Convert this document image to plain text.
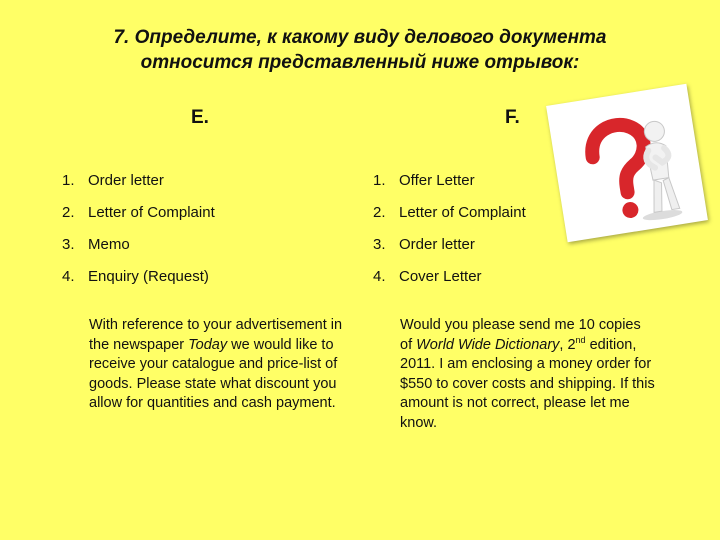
7. Определите, к какому виду делового документа
относится представленный ниже отрывок:
E.	F.
1. Order letter
2. Letter of Complaint
3. Memo
4. Enquiry (Request)
1. Offer Letter
2. Letter of Complaint
3. Order letter
4. Cover Letter

With reference to your advertisement in the newspaper Today we would like to receive your catalogue and price-list of goods. Please state what discount you allow for quantities and cash payment.

Would you please send me 10 copies of World Wide Dictionary, 2nd edition, 2011. I am enclosing a money order for $550 to cover costs and shipping. If this amount is not correct, please let me know.
